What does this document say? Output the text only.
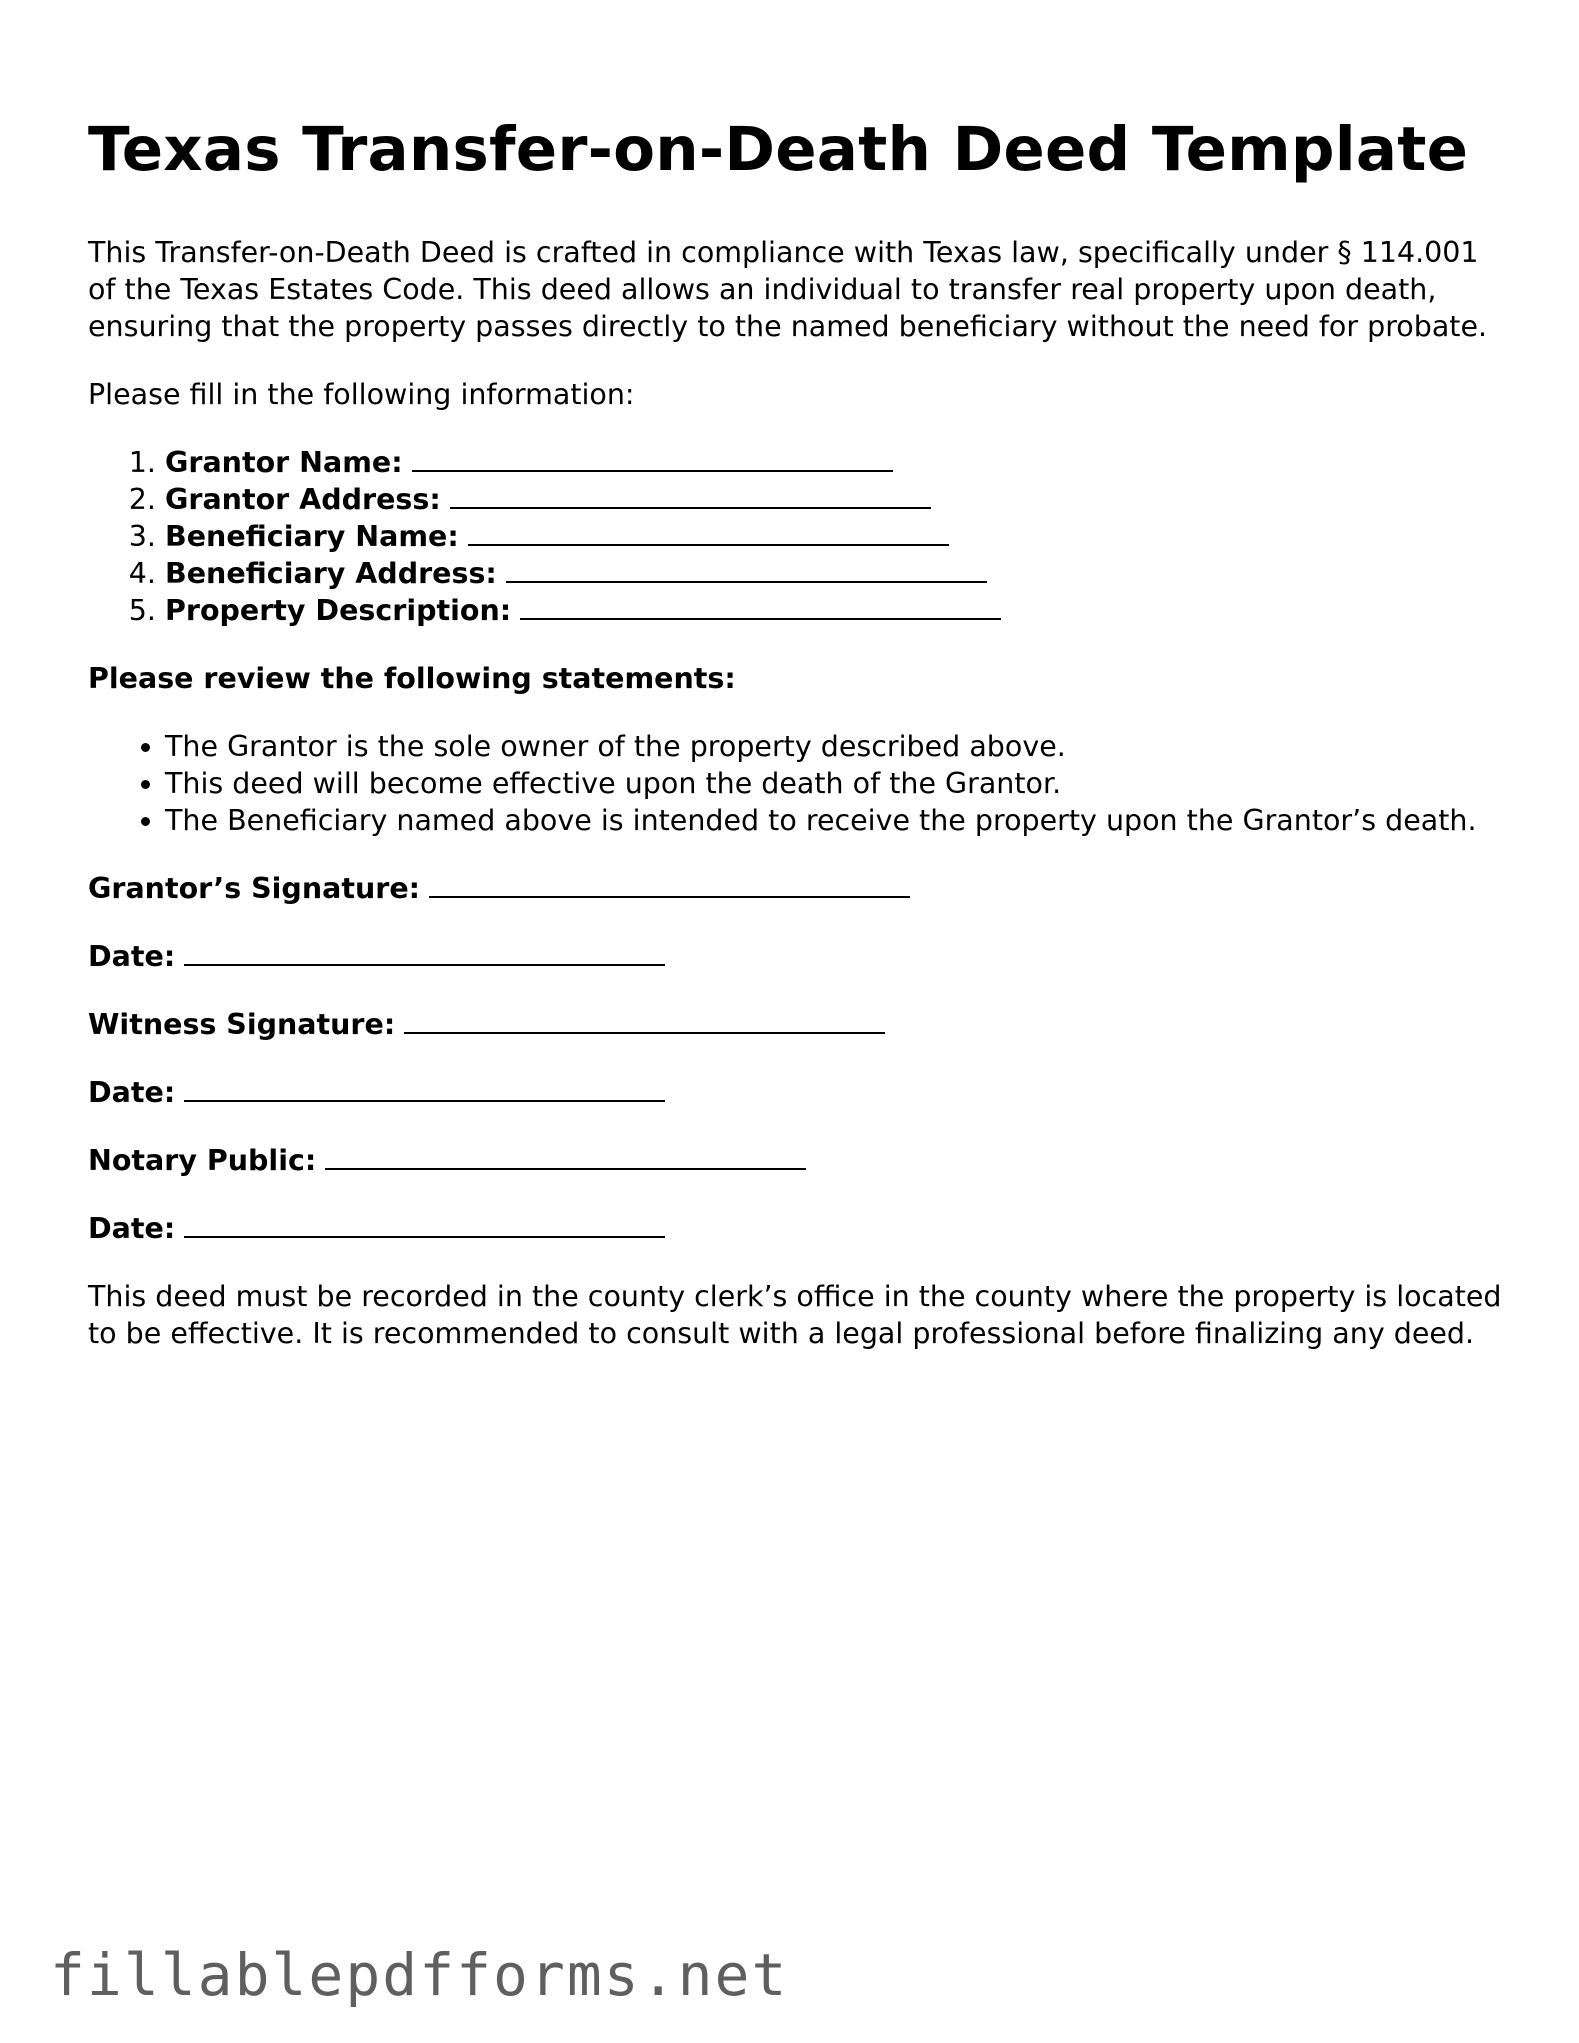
Texas Transfer-on-Death Deed Template

This Transfer-on-Death Deed is crafted in compliance with Texas law, specifically under § 114.001 of the Texas Estates Code. This deed allows an individual to transfer real property upon death, ensuring that the property passes directly to the named beneficiary without the need for probate.

Please fill in the following information:

1. Grantor Name:
2. Grantor Address:
3. Beneficiary Name:
4. Beneficiary Address:
5. Property Description:

Please review the following statements:

• The Grantor is the sole owner of the property described above.
• This deed will become effective upon the death of the Grantor.
• The Beneficiary named above is intended to receive the property upon the Grantor’s death.

Grantor’s Signature:

Date:

Witness Signature:

Date:

Notary Public:

Date:

This deed must be recorded in the county clerk’s office in the county where the property is located to be effective. It is recommended to consult with a legal professional before finalizing any deed.

fillablepdfforms.net
